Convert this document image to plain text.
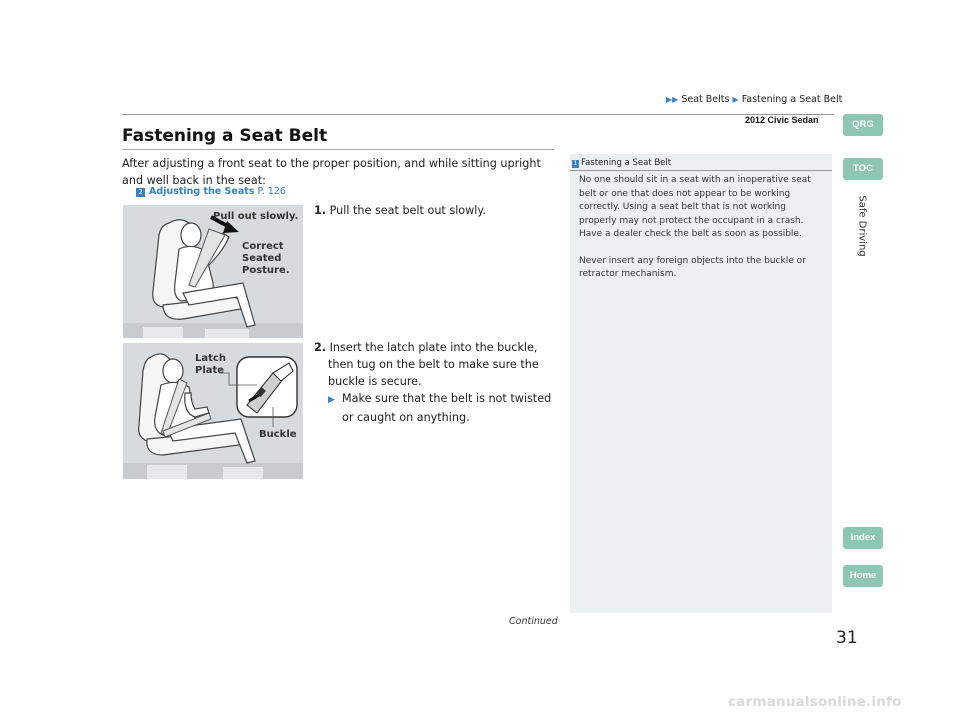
▶▶ Seat Belts ▶ Fastening a Seat Belt
2012 Civic Sedan
Fastening a Seat Belt
After adjusting a front seat to the proper position, and while sitting upright and well back in the seat:
2 Adjusting the Seats P. 126
Pull out slowly.
Correct
Seated
Posture.
Latch
Plate
Buckle
1. Pull the seat belt out slowly.
2. Insert the latch plate into the buckle, then tug on the belt to make sure the buckle is secure.
▶ Make sure that the belt is not twisted or caught on anything.
1 Fastening a Seat Belt

No one should sit in a seat with an inoperative seat belt or one that does not appear to be working correctly. Using a seat belt that is not working properly may not protect the occupant in a crash. Have a dealer check the belt as soon as possible.

Never insert any foreign objects into the buckle or retractor mechanism.

QRG
TOC
Safe Driving
Index
Home
Continued
31
carmanualsonline.info
